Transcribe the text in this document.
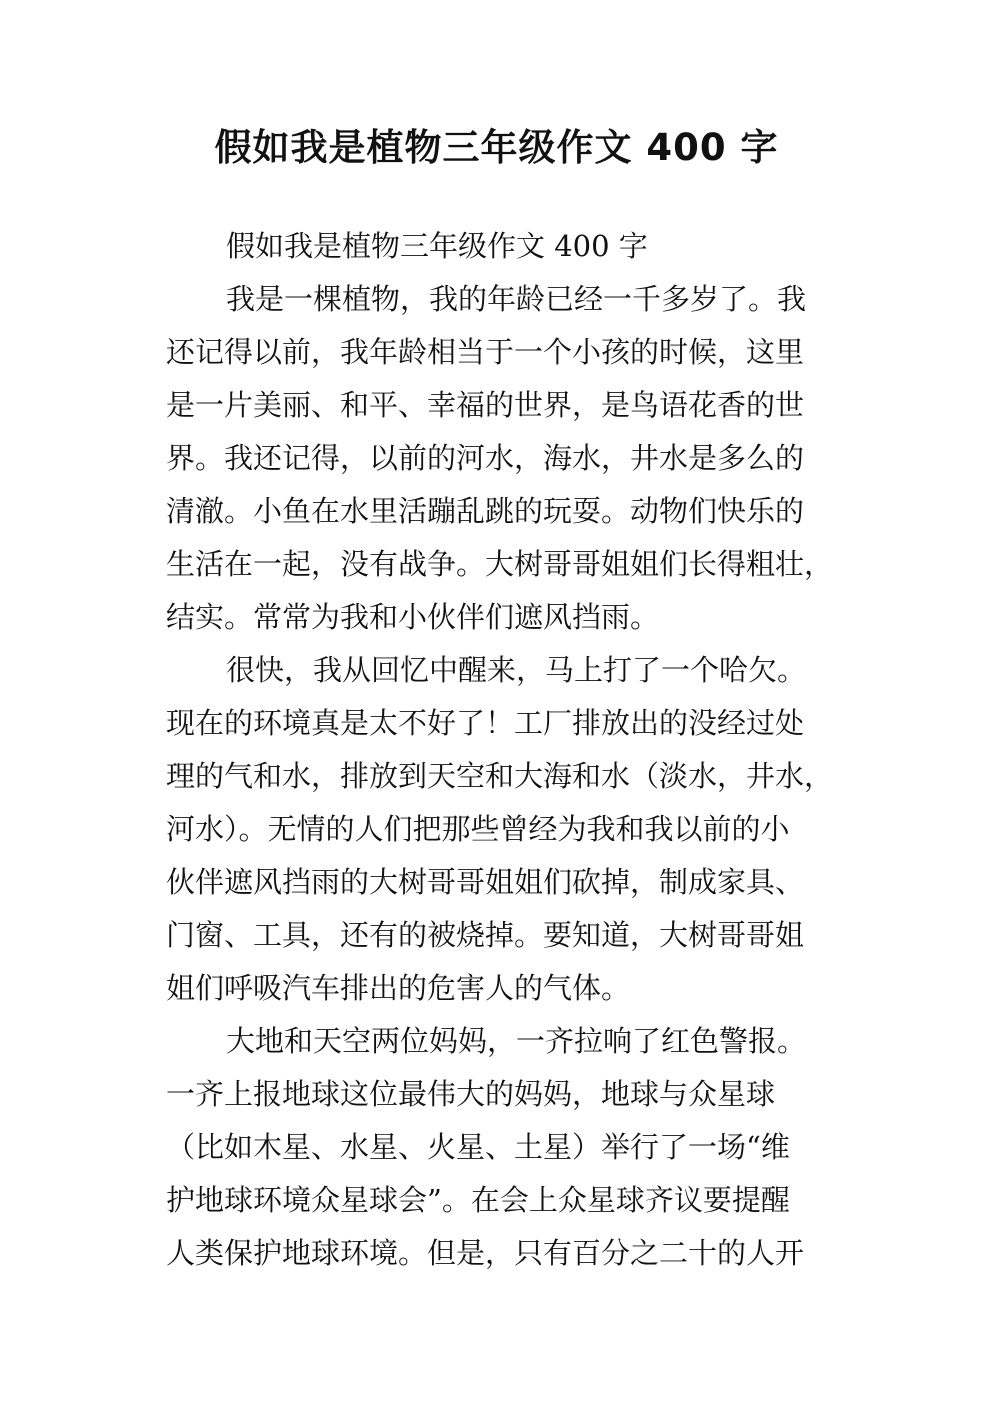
假如我是植物三年级作文 400 字
假如我是植物三年级作文 400 字
我是一棵植物，我的年龄已经一千多岁了。我
还记得以前，我年龄相当于一个小孩的时候，这里
是一片美丽、和平、幸福的世界，是鸟语花香的世
界。我还记得，以前的河水，海水，井水是多么的
清澈。小鱼在水里活蹦乱跳的玩耍。动物们快乐的
生活在一起，没有战争。大树哥哥姐姐们长得粗壮，
结实。常常为我和小伙伴们遮风挡雨。
很快，我从回忆中醒来，马上打了一个哈欠。
现在的环境真是太不好了！工厂排放出的没经过处
理的气和水，排放到天空和大海和水（淡水，井水，
河水）。无情的人们把那些曾经为我和我以前的小
伙伴遮风挡雨的大树哥哥姐姐们砍掉，制成家具、
门窗、工具，还有的被烧掉。要知道，大树哥哥姐
姐们呼吸汽车排出的危害人的气体。
大地和天空两位妈妈，一齐拉响了红色警报。
一齐上报地球这位最伟大的妈妈，地球与众星球
（比如木星、水星、火星、土星）举行了一场“维
护地球环境众星球会”。在会上众星球齐议要提醒
人类保护地球环境。但是，只有百分之二十的人开
